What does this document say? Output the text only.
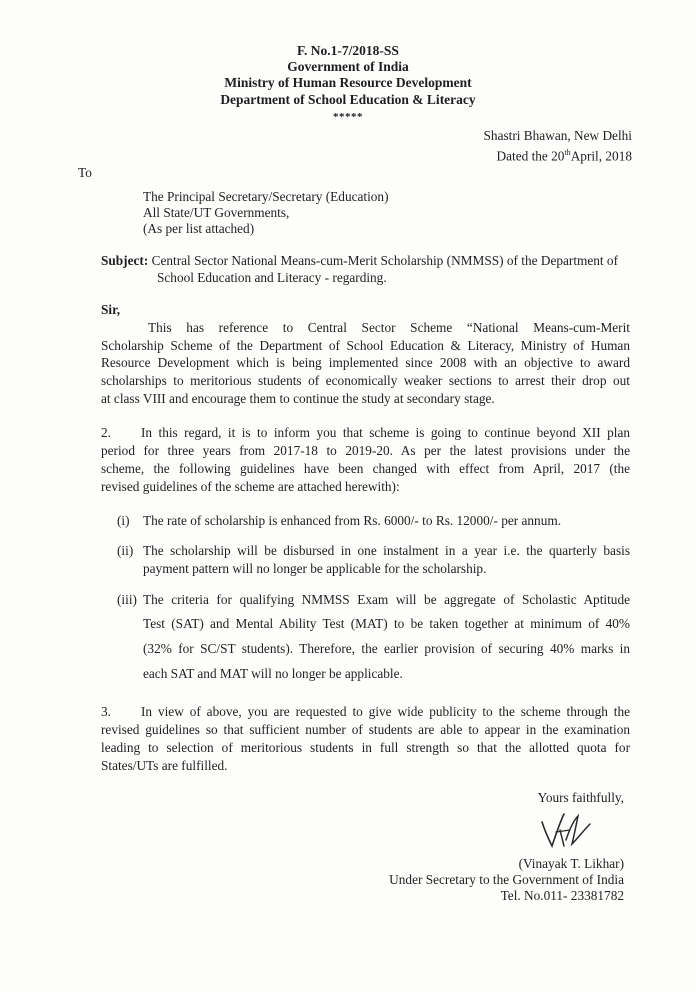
F. No.1-7/2018-SS
Government of India
Ministry of Human Resource Development
Department of School Education & Literacy
*****
Shastri Bhawan, New Delhi
Dated the 20thApril, 2018
To
The Principal Secretary/Secretary (Education)
All State/UT Governments,
(As per list attached)
Subject: Central Sector National Means-cum-Merit Scholarship (NMMSS) of the Department of
School Education and Literacy - regarding.
Sir,
This has reference to Central Sector Scheme “National Means-cum-Merit
Scholarship Scheme of the Department of School Education & Literacy, Ministry of Human
Resource Development which is being implemented since 2008 with an objective to award
scholarships to meritorious students of economically weaker sections to arrest their drop out
at class VIII and encourage them to continue the study at secondary stage.
2. In this regard, it is to inform you that scheme is going to continue beyond XII plan
period for three years from 2017-18 to 2019-20. As per the latest provisions under the
scheme, the following guidelines have been changed with effect from April, 2017 (the
revised guidelines of the scheme are attached herewith):
(i) The rate of scholarship is enhanced from Rs. 6000/- to Rs. 12000/- per annum.
(ii) The scholarship will be disbursed in one instalment in a year i.e. the quarterly basis
payment pattern will no longer be applicable for the scholarship.
(iii) The criteria for qualifying NMMSS Exam will be aggregate of Scholastic Aptitude
Test (SAT) and Mental Ability Test (MAT) to be taken together at minimum of 40%
(32% for SC/ST students). Therefore, the earlier provision of securing 40% marks in
each SAT and MAT will no longer be applicable.
3. In view of above, you are requested to give wide publicity to the scheme through the
revised guidelines so that sufficient number of students are able to appear in the examination
leading to selection of meritorious students in full strength so that the allotted quota for
States/UTs are fulfilled.
Yours faithfully,
(Vinayak T. Likhar)
Under Secretary to the Government of India
Tel. No.011- 23381782
